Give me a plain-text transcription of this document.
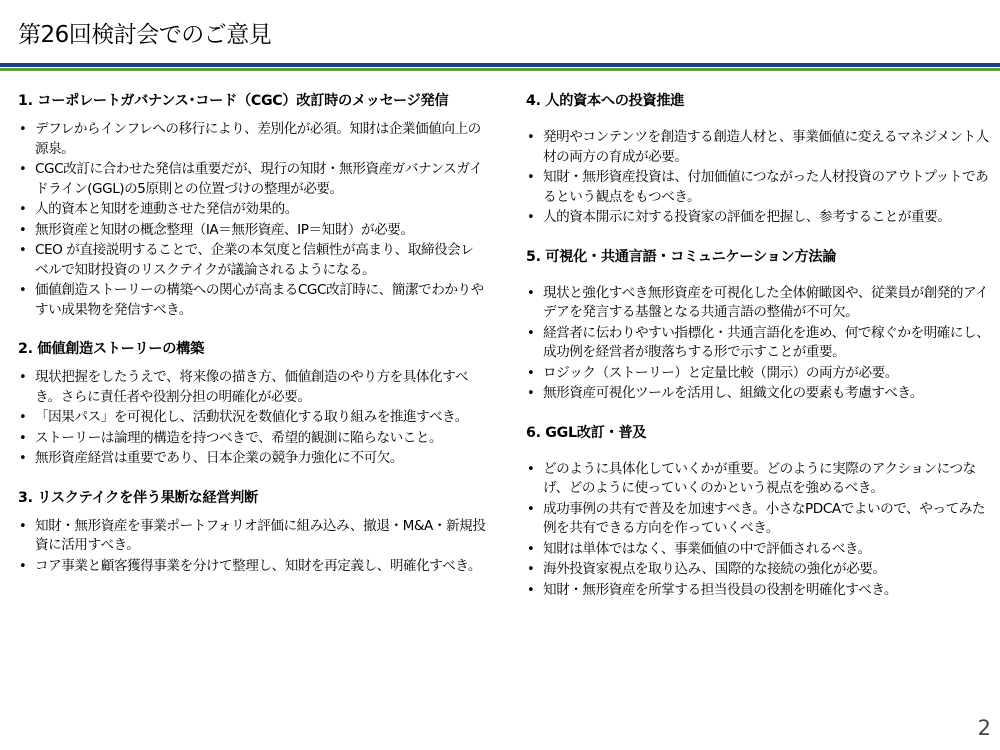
第26回検討会でのご意見
1. コーポレートガバナンス･コード（CGC）改訂時のメッセージ発信
• デフレからインフレへの移行により、差別化が必須。知財は企業価値向上の源泉。
• CGC改訂に合わせた発信は重要だが、現行の知財・無形資産ガバナンスガイドライン(GGL)の5原則との位置づけの整理が必要。
• 人的資本と知財を連動させた発信が効果的。
• 無形資産と知財の概念整理（IA＝無形資産、IP＝知財）が必要。
• CEO が直接説明することで、企業の本気度と信頼性が高まり、取締役会レベルで知財投資のリスクテイクが議論されるようになる。
• 価値創造ストーリーの構築への関心が高まるCGC改訂時に、簡潔でわかりやすい成果物を発信すべき。
2. 価値創造ストーリーの構築
• 現状把握をしたうえで、将来像の描き方、価値創造のやり方を具体化すべき。さらに責任者や役割分担の明確化が必要。
• 「因果パス」を可視化し、活動状況を数値化する取り組みを推進すべき。
• ストーリーは論理的構造を持つべきで、希望的観測に陥らないこと。
• 無形資産経営は重要であり、日本企業の競争力強化に不可欠。
3. リスクテイクを伴う果断な経営判断
• 知財・無形資産を事業ポートフォリオ評価に組み込み、撤退・M&A・新規投資に活用すべき。
• コア事業と顧客獲得事業を分けて整理し、知財を再定義し、明確化すべき。
4. 人的資本への投資推進
• 発明やコンテンツを創造する創造人材と、事業価値に変えるマネジメント人材の両方の育成が必要。
• 知財・無形資産投資は、付加価値につながった人材投資のアウトプットであるという観点をもつべき。
• 人的資本開示に対する投資家の評価を把握し、参考することが重要。
5. 可視化・共通言語・コミュニケーション方法論
• 現状と強化すべき無形資産を可視化した全体俯瞰図や、従業員が創発的アイデアを発言する基盤となる共通言語の整備が不可欠。
• 経営者に伝わりやすい指標化・共通言語化を進め、何で稼ぐかを明確にし、成功例を経営者が腹落ちする形で示すことが重要。
• ロジック（ストーリー）と定量比較（開示）の両方が必要。
• 無形資産可視化ツールを活用し、組織文化の要素も考慮すべき。
6. GGL改訂・普及
• どのように具体化していくかが重要。どのように実際のアクションにつなげ、どのように使っていくのかという視点を強めるべき。
• 成功事例の共有で普及を加速すべき。小さなPDCAでよいので、やってみた例を共有できる方向を作っていくべき。
• 知財は単体ではなく、事業価値の中で評価されるべき。
• 海外投資家視点を取り込み、国際的な接続の強化が必要。
• 知財・無形資産を所掌する担当役員の役割を明確化すべき。
2
